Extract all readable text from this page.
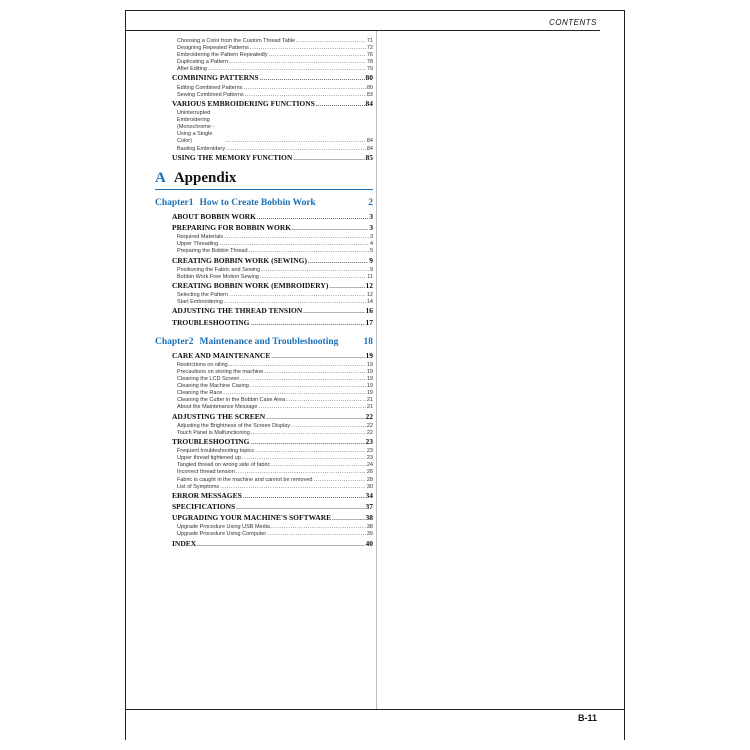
CONTENTS
B-11
Choosing a Color from the Custom Thread Table .....	71
Designing Repeated Patterns .....	72
Embroidering the Pattern Repeatedly .....	76
Duplicating a Pattern .....	78
After Editing .....	79
COMBINING PATTERNS .....	80
Editing Combined Patterns .....	80
Sewing Combined Patterns .....	83
VARIOUS EMBROIDERING FUNCTIONS .....	84
Uninterrupted Embroidering (Monochrome - Using a Single Color) .....	84
Basting Embroidery .....	84
USING THE MEMORY FUNCTION .....	85
A Appendix
Chapter1 How to Create Bobbin Work	2
ABOUT BOBBIN WORK .....	3
PREPARING FOR BOBBIN WORK .....	3
Required Materials .....	3
Upper Threading .....	4
Preparing the Bobbin Thread .....	5
CREATING BOBBIN WORK (SEWING) .....	9
Positioning the Fabric and Sewing .....	9
Bobbin Work Free Motion Sewing .....	11
CREATING BOBBIN WORK (EMBROIDERY) .....	12
Selecting the Pattern .....	12
Start Embroidering .....	14
ADJUSTING THE THREAD TENSION .....	16
TROUBLESHOOTING .....	17
Chapter2 Maintenance and Troubleshooting	18
CARE AND MAINTENANCE .....	19
Restrictions on oiling .....	19
Precautions on storing the machine .....	19
Cleaning the LCD Screen .....	19
Cleaning the Machine Casing .....	19
Cleaning the Race .....	19
Cleaning the Cutter in the Bobbin Case Area .....	21
About the Maintenance Message .....	21
ADJUSTING THE SCREEN .....	22
Adjusting the Brightness of the Screen Display .....	22
Touch Panel is Malfunctioning .....	22
TROUBLESHOOTING .....	23
Frequent troubleshooting topics .....	23
Upper thread tightened up .....	23
Tangled thread on wrong side of fabric .....	24
Incorrect thread tension .....	26
Fabric is caught in the machine and cannot be removed .....	28
List of Symptoms .....	30
ERROR MESSAGES .....	34
SPECIFICATIONS .....	37
UPGRADING YOUR MACHINE'S SOFTWARE .....	38
Upgrade Procedure Using USB Media .....	38
Upgrade Procedure Using Computer .....	39
INDEX .....	40
